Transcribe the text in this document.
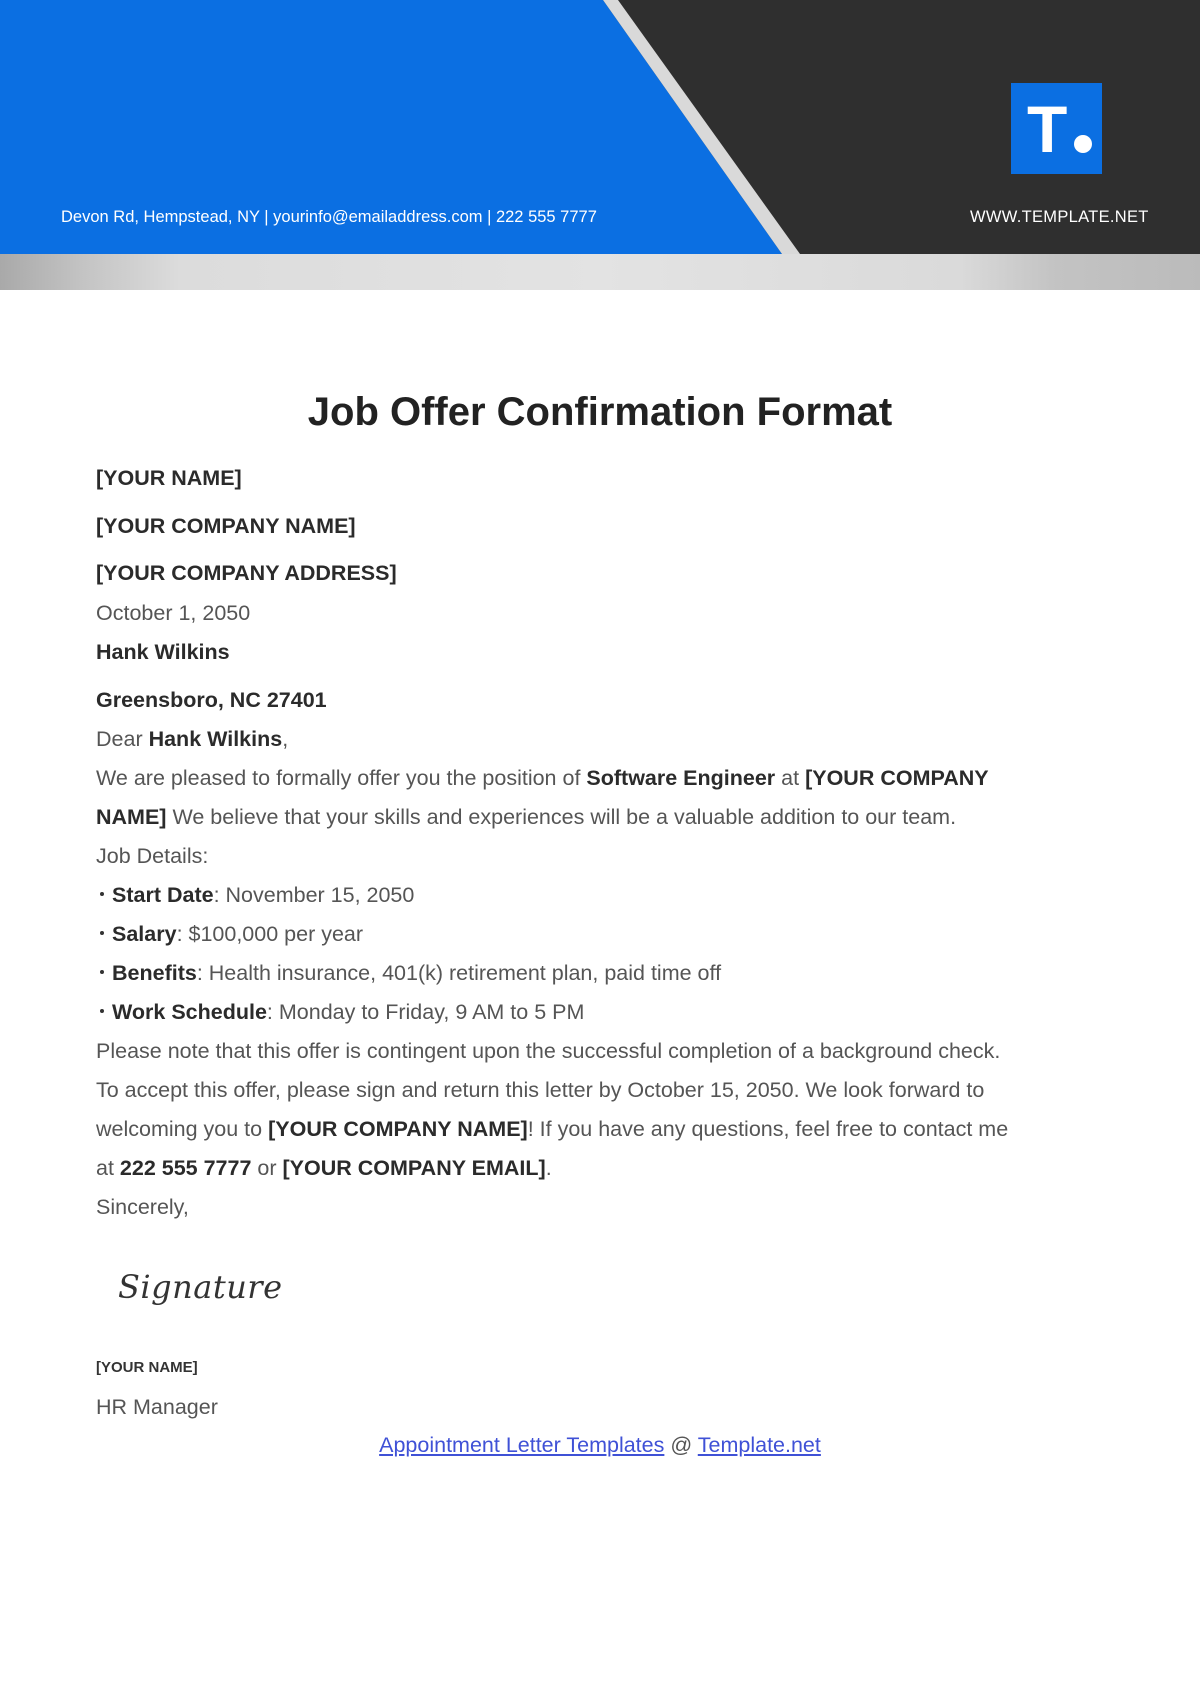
Devon Rd, Hempstead, NY | yourinfo@emailaddress.com | 222 555 7777
T
WWW.TEMPLATE.NET
Job Offer Confirmation Format
[YOUR NAME]
[YOUR COMPANY NAME]
[YOUR COMPANY ADDRESS]
October 1, 2050
Hank Wilkins
Greensboro, NC 27401
Dear Hank Wilkins,
We are pleased to formally offer you the position of Software Engineer at [YOUR COMPANY
NAME] We believe that your skills and experiences will be a valuable addition to our team.
Job Details:
Start Date: November 15, 2050
Salary: $100,000 per year
Benefits: Health insurance, 401(k) retirement plan, paid time off
Work Schedule: Monday to Friday, 9 AM to 5 PM
Please note that this offer is contingent upon the successful completion of a background check.
To accept this offer, please sign and return this letter by October 15, 2050. We look forward to
welcoming you to [YOUR COMPANY NAME]! If you have any questions, feel free to contact me
at 222 555 7777 or [YOUR COMPANY EMAIL].
Sincerely,
Signature
[YOUR NAME]
HR Manager
Appointment Letter Templates @ Template.net
